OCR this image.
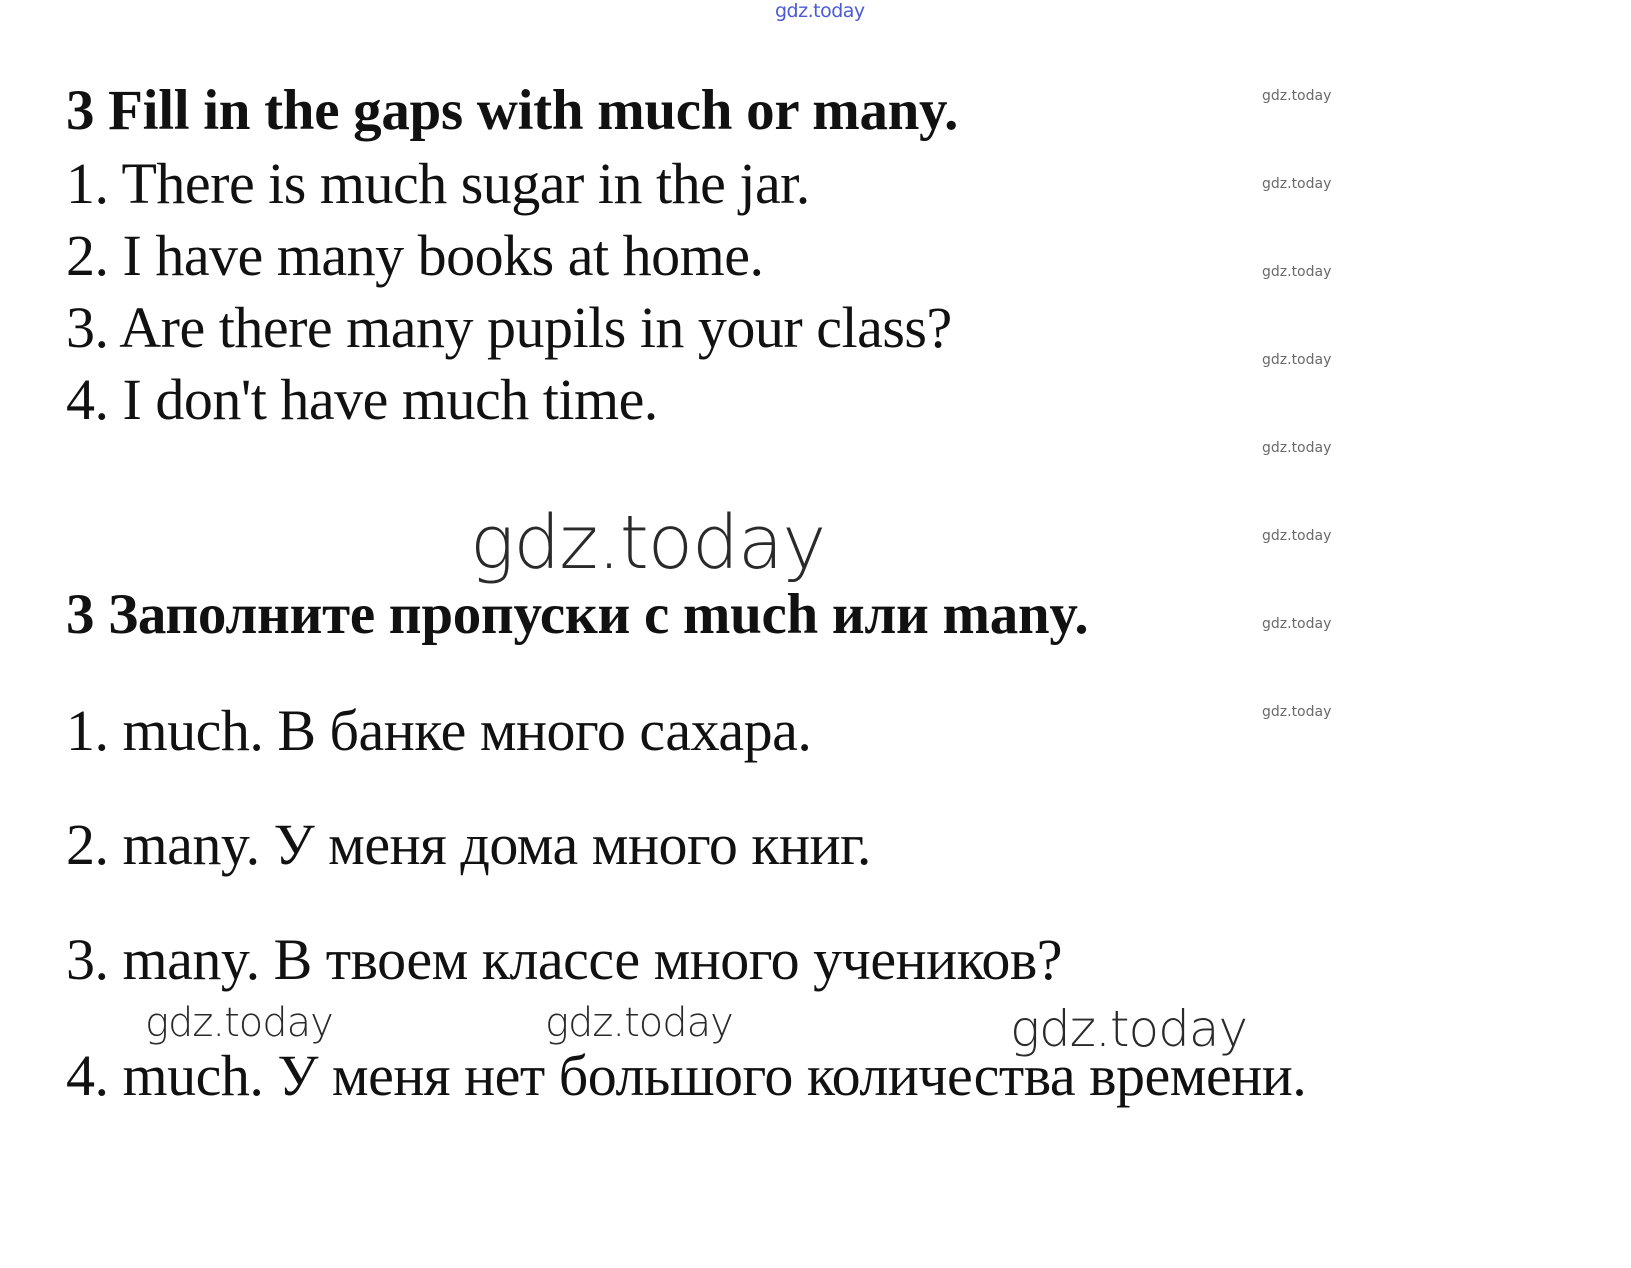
gdz.today
gdz.today
gdz.today
gdz.today
gdz.today
gdz.today
gdz.today
gdz.today
gdz.today
3 Fill in the gaps with much or many.
1. There is much sugar in the jar.
2. I have many books at home.
3. Are there many pupils in your class?
4. I don't have much time.
gdz.today
3 Заполните пропуски с much или many.
1. much. В банке много сахара.
2. many. У меня дома много книг.
3. many. В твоем классе много учеников?
gdz.today	gdz.today	gdz.today
4. much. У меня нет большого количества времени.
